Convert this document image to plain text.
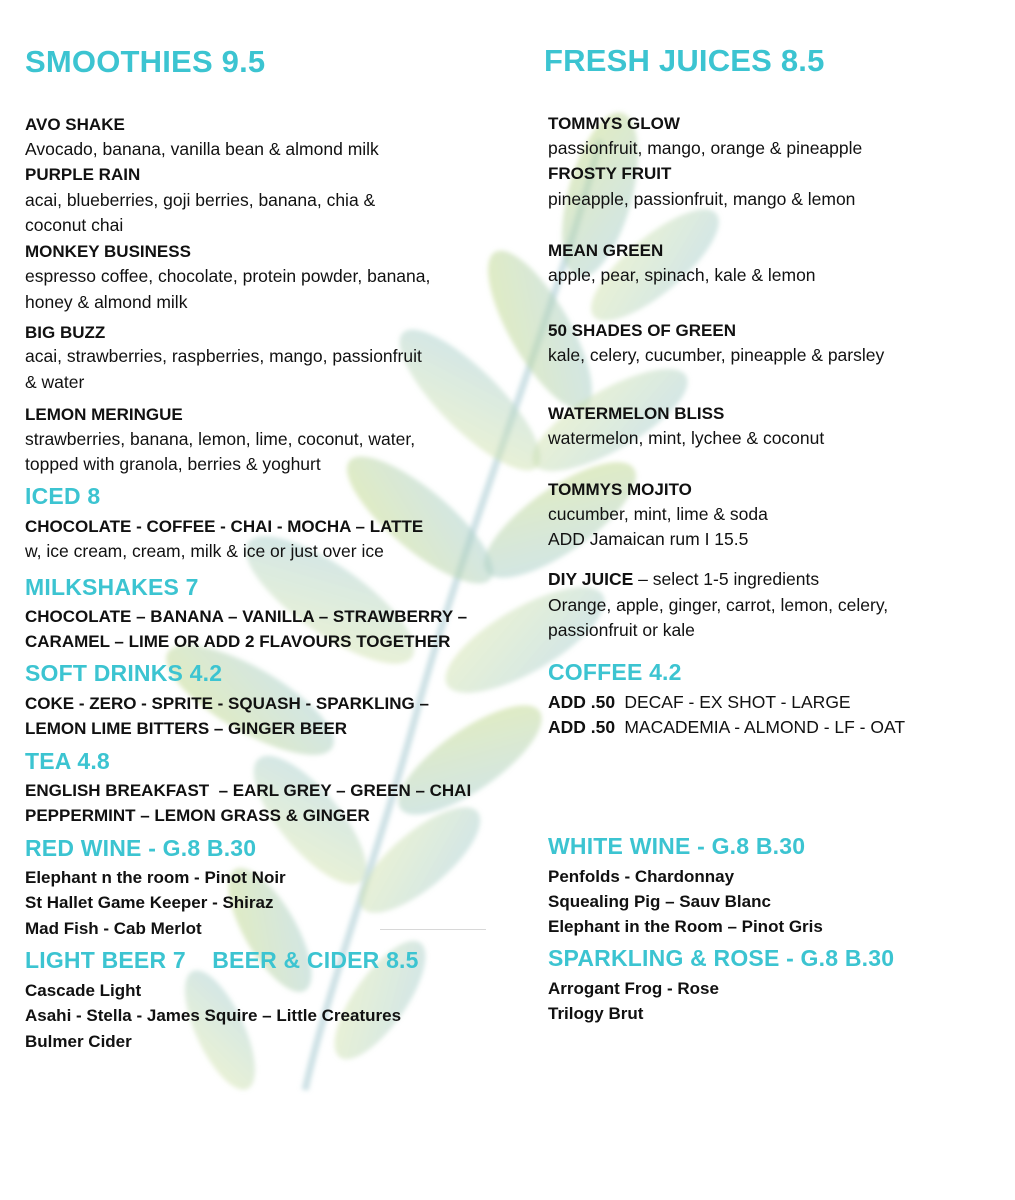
SMOOTHIES 9.5
AVO SHAKE
Avocado, banana, vanilla bean & almond milk
PURPLE RAIN
acai, blueberries, goji berries, banana, chia &
coconut chai
MONKEY BUSINESS
espresso coffee, chocolate, protein powder, banana,
honey & almond milk
BIG BUZZ
acai, strawberries, raspberries, mango, passionfruit
& water
LEMON MERINGUE
strawberries, banana, lemon, lime, coconut, water,
topped with granola, berries & yoghurt
ICED 8
CHOCOLATE - COFFEE - CHAI - MOCHA – LATTE
w, ice cream, cream, milk & ice or just over ice
MILKSHAKES 7
CHOCOLATE – BANANA – VANILLA – STRAWBERRY –
CARAMEL – LIME OR ADD 2 FLAVOURS TOGETHER
SOFT DRINKS 4.2
COKE - ZERO - SPRITE - SQUASH - SPARKLING –
LEMON LIME BITTERS – GINGER BEER
TEA 4.8
ENGLISH BREAKFAST  – EARL GREY – GREEN – CHAI
PEPPERMINT – LEMON GRASS & GINGER
RED WINE - G.8 B.30
Elephant n the room - Pinot Noir
St Hallet Game Keeper - Shiraz
Mad Fish - Cab Merlot
LIGHT BEER 7    BEER & CIDER 8.5
Cascade Light
Asahi - Stella - James Squire – Little Creatures
Bulmer Cider
FRESH JUICES 8.5
TOMMYS GLOW
passionfruit, mango, orange & pineapple
FROSTY FRUIT
pineapple, passionfruit, mango & lemon
MEAN GREEN
apple, pear, spinach, kale & lemon
50 SHADES OF GREEN
kale, celery, cucumber, pineapple & parsley
WATERMELON BLISS
watermelon, mint, lychee & coconut
TOMMYS MOJITO
cucumber, mint, lime & soda
ADD Jamaican rum I 15.5
DIY JUICE – select 1-5 ingredients
Orange, apple, ginger, carrot, lemon, celery,
passionfruit or kale
COFFEE 4.2
ADD .50 DECAF - EX SHOT - LARGE
ADD .50 MACADEMIA - ALMOND - LF - OAT
WHITE WINE - G.8 B.30
Penfolds - Chardonnay
Squealing Pig – Sauv Blanc
Elephant in the Room – Pinot Gris
SPARKLING & ROSE - G.8 B.30
Arrogant Frog - Rose
Trilogy Brut
